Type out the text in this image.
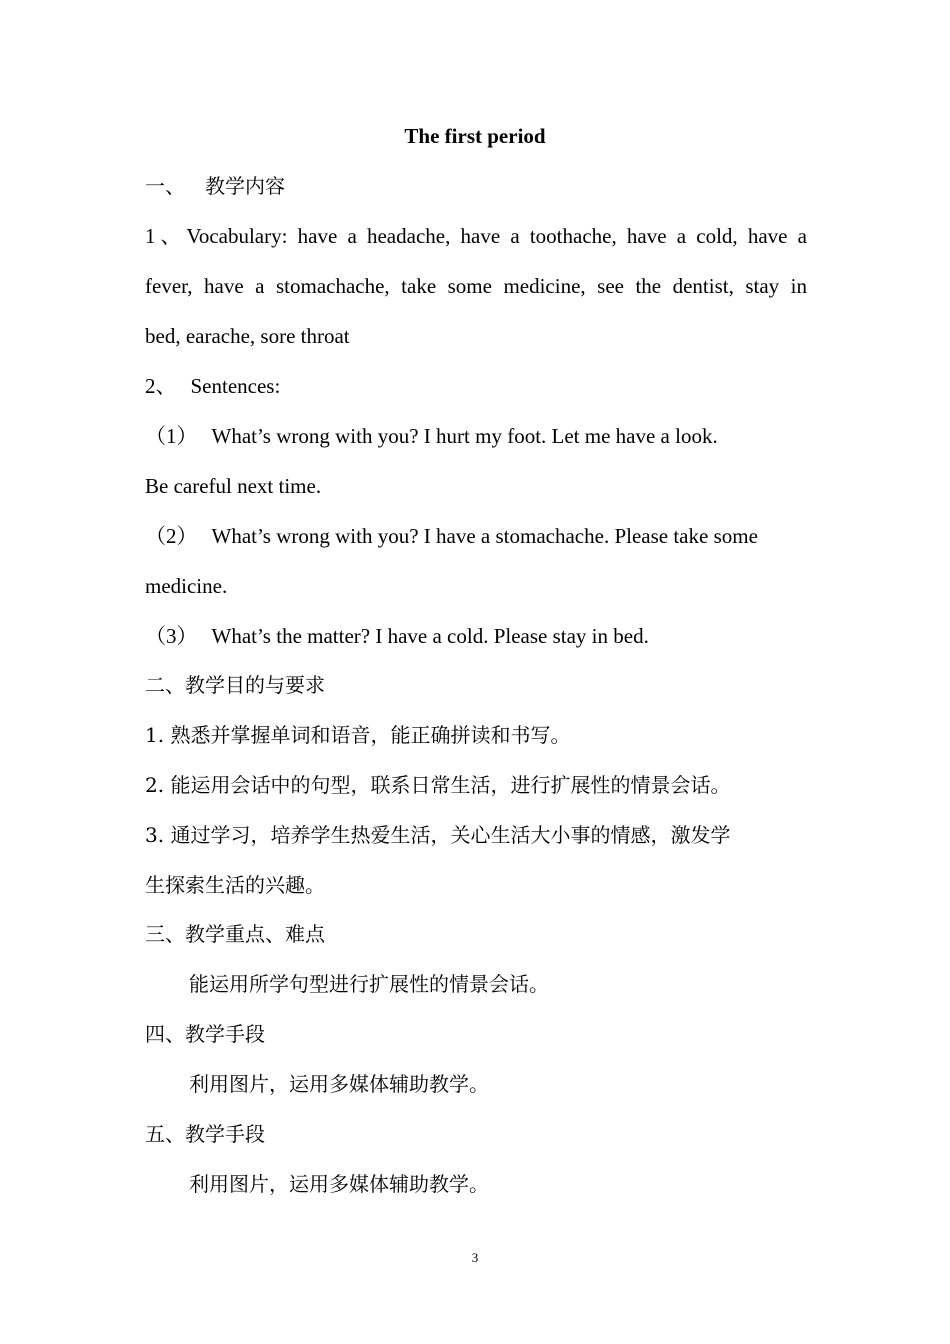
The first period
一、 教学内容
1、Vocabulary: have a headache, have a toothache, have a cold, have a
fever, have a stomachache, take some medicine, see the dentist, stay in
bed, earache, sore throat
2、 Sentences:
（1） What’s wrong with you? I hurt my foot. Let me have a look.
Be careful next time.
（2） What’s wrong with you? I have a stomachache. Please take some
medicine.
（3） What’s the matter? I have a cold. Please stay in bed.
二、教学目的与要求
1. 熟悉并掌握单词和语音，能正确拼读和书写。
2. 能运用会话中的句型，联系日常生活，进行扩展性的情景会话。
3. 通过学习，培养学生热爱生活，关心生活大小事的情感，激发学
生探索生活的兴趣。
三、教学重点、难点
能运用所学句型进行扩展性的情景会话。
四、教学手段
利用图片，运用多媒体辅助教学。
五、教学手段
利用图片，运用多媒体辅助教学。
3
